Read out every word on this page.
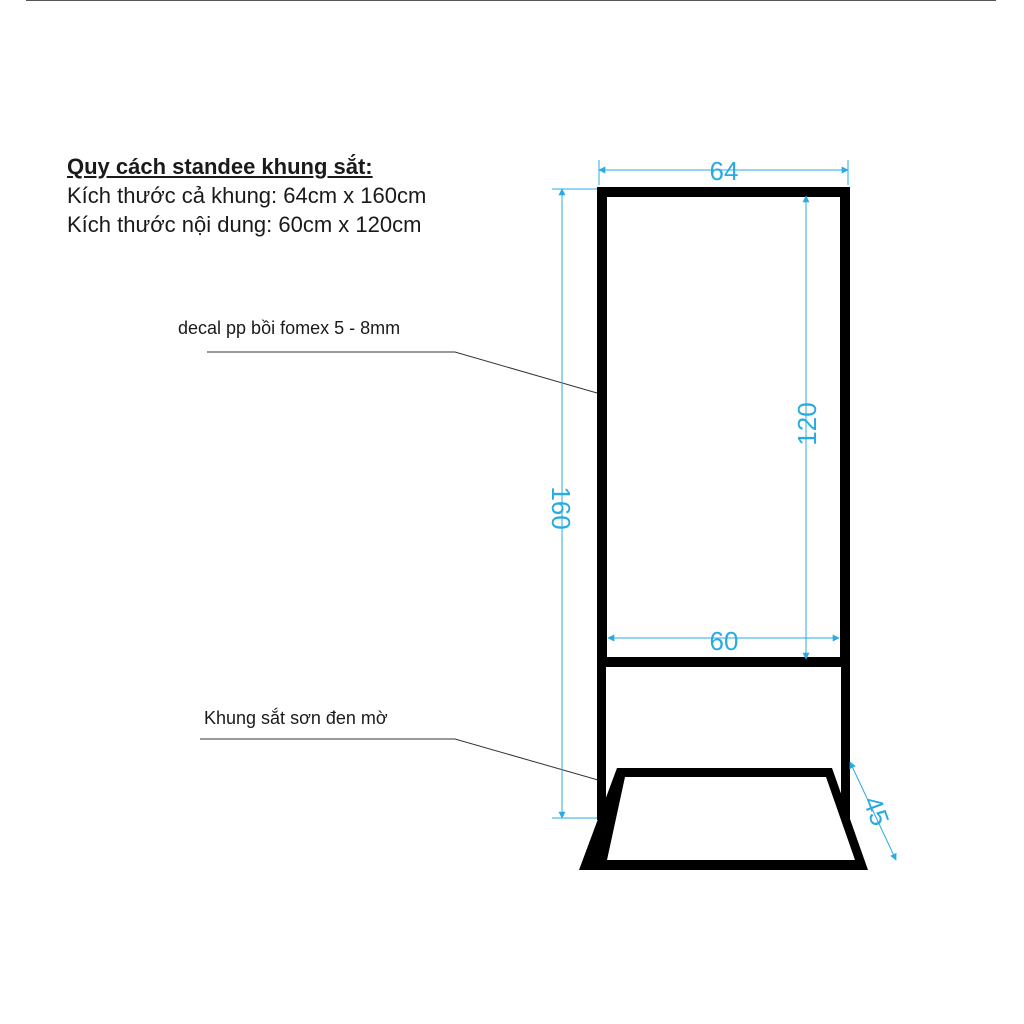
Quy cách standee khung sắt:
Kích thước cả khung: 64cm x 160cm
Kích thước nội dung: 60cm x 120cm
decal pp bồi fomex 5 - 8mm
Khung sắt sơn đen mờ
64
60
120
160
45
